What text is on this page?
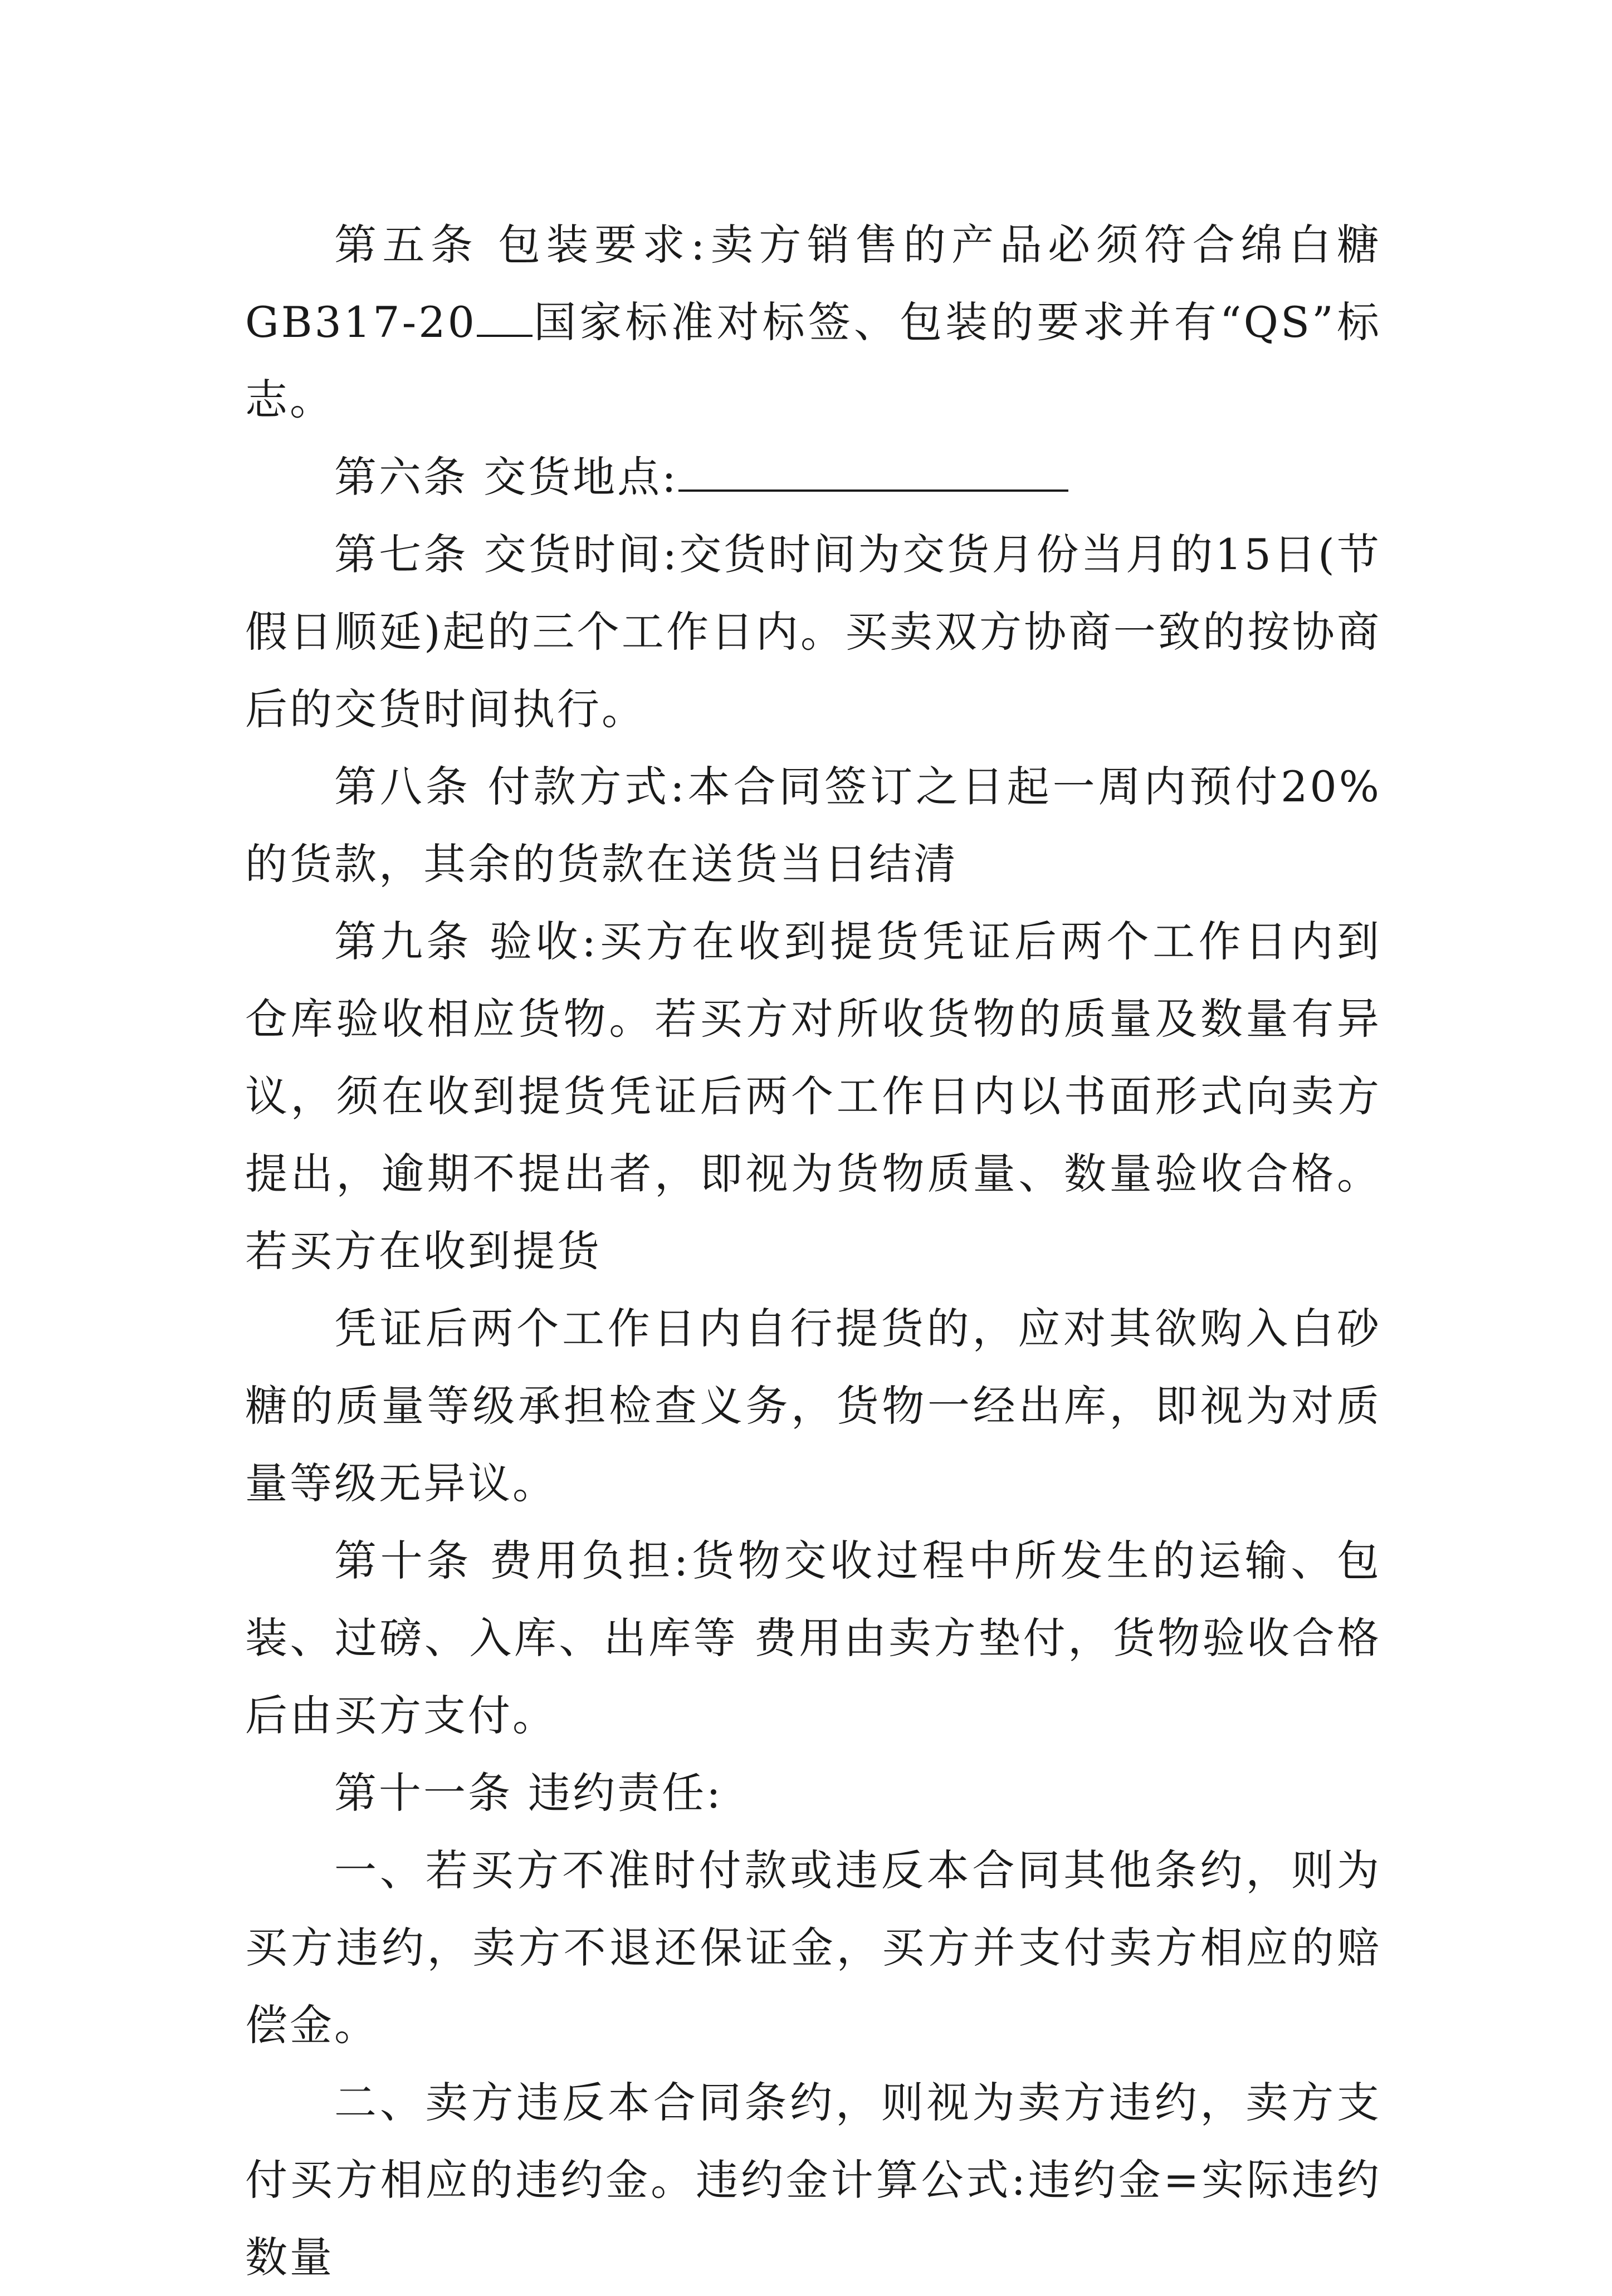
第五条 包装要求:卖方销售的产品必须符合绵白糖GB317-20 国家标准对标签、包装的要求并有“QS”标志。

第六条 交货地点:

第七条 交货时间:交货时间为交货月份当月的15日(节假日顺延)起的三个工作日内。买卖双方协商一致的按协商后的交货时间执行。

第八条 付款方式:本合同签订之日起一周内预付20%的货款，其余的货款在送货当日结清

第九条 验收:买方在收到提货凭证后两个工作日内到仓库验收相应货物。若买方对所收货物的质量及数量有异议，须在收到提货凭证后两个工作日内以书面形式向卖方提出，逾期不提出者，即视为货物质量、数量验收合格。若买方在收到提货

凭证后两个工作日内自行提货的，应对其欲购入白砂糖的质量等级承担检查义务，货物一经出库，即视为对质量等级无异议。

第十条 费用负担:货物交收过程中所发生的运输、包装、过磅、入库、出库等 费用由卖方垫付，货物验收合格后由买方支付。

第十一条 违约责任:

一、若买方不准时付款或违反本合同其他条约，则为买方违约，卖方不退还保证金，买方并支付卖方相应的赔偿金。

二、卖方违反本合同条约，则视为卖方违约，卖方支付买方相应的违约金。违约金计算公式:违约金=实际违约数量
